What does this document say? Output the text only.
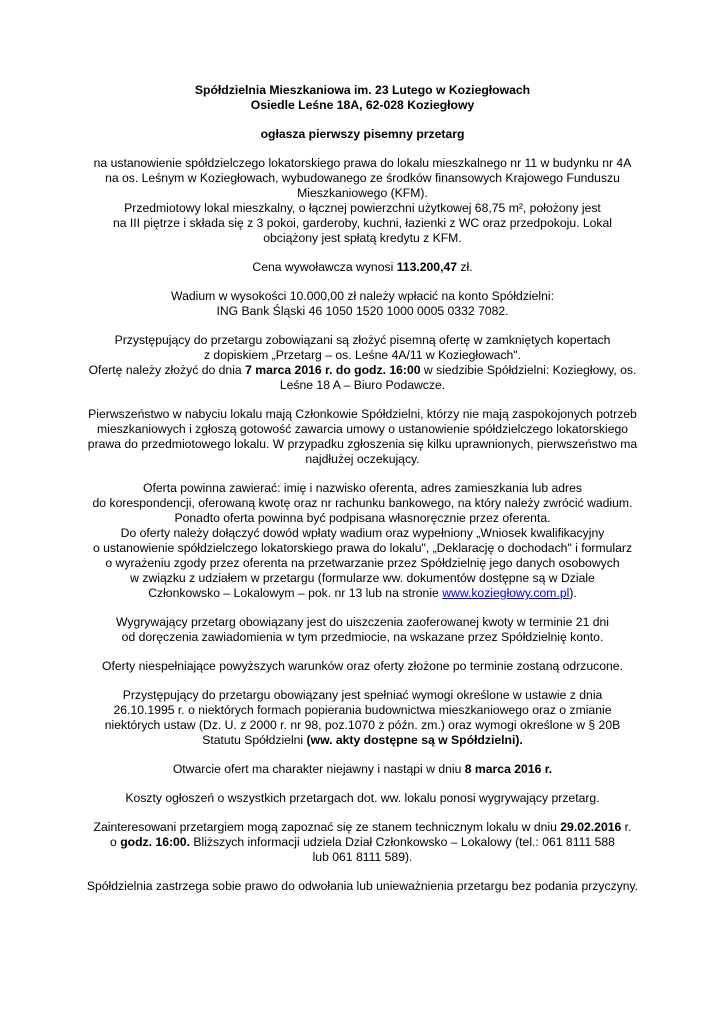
Spółdzielnia Mieszkaniowa im. 23 Lutego w Koziegłowach

Osiedle Leśne 18A, 62-028 Koziegłowy

ogłasza pierwszy pisemny przetarg

na ustanowienie spółdzielczego lokatorskiego prawa do lokalu mieszkalnego nr 11 w budynku nr 4A

na os. Leśnym w Koziegłowach, wybudowanego ze środków finansowych Krajowego Funduszu

Mieszkaniowego (KFM).

Przedmiotowy lokal mieszkalny, o łącznej powierzchni użytkowej 68,75 m², położony jest

na III piętrze i składa się z 3 pokoi, garderoby, kuchni, łazienki z WC oraz przedpokoju. Lokal

obciążony jest spłatą kredytu z KFM.

Cena wywoławcza wynosi 113.200,47 zł.

Wadium w wysokości 10.000,00 zł należy wpłacić na konto Spółdzielni:

ING Bank Śląski 46 1050 1520 1000 0005 0332 7082.

Przystępujący do przetargu zobowiązani są złożyć pisemną ofertę w zamkniętych kopertach

z dopiskiem „Przetarg – os. Leśne 4A/11 w Koziegłowach".

Ofertę należy złożyć do dnia 7 marca 2016 r. do godz. 16:00 w siedzibie Spółdzielni: Koziegłowy, os.

Leśne 18 A – Biuro Podawcze.

Pierwszeństwo w nabyciu lokalu mają Członkowie Spółdzielni, którzy nie mają zaspokojonych potrzeb

mieszkaniowych i zgłoszą gotowość zawarcia umowy o ustanowienie spółdzielczego lokatorskiego

prawa do przedmiotowego lokalu. W przypadku zgłoszenia się kilku uprawnionych, pierwszeństwo ma

najdłużej oczekujący.

Oferta powinna zawierać: imię i nazwisko oferenta, adres zamieszkania lub adres

do korespondencji, oferowaną kwotę oraz nr rachunku bankowego, na który należy zwrócić wadium.

Ponadto oferta powinna być podpisana własnoręcznie przez oferenta.

Do oferty należy dołączyć dowód wpłaty wadium oraz wypełniony „Wniosek kwalifikacyjny

o ustanowienie spółdzielczego lokatorskiego prawa do lokalu", „Deklarację o dochodach" i formularz

o wyrażeniu zgody przez oferenta na przetwarzanie przez Spółdzielnię jego danych osobowych

w związku z udziałem w przetargu (formularze ww. dokumentów dostępne są w Dziale

Członkowsko – Lokalowym – pok. nr 13 lub na stronie www.koziegłowy.com.pl).

Wygrywający przetarg obowiązany jest do uiszczenia zaoferowanej kwoty w terminie 21 dni

od doręczenia zawiadomienia w tym przedmiocie, na wskazane przez Spółdzielnię konto.

Oferty niespełniające powyższych warunków oraz oferty złożone po terminie zostaną odrzucone.

Przystępujący do przetargu obowiązany jest spełniać wymogi określone w ustawie z dnia

26.10.1995 r. o niektórych formach popierania budownictwa mieszkaniowego oraz o zmianie

niektórych ustaw (Dz. U. z 2000 r. nr 98, poz.1070 z późn. zm.) oraz wymogi określone w § 20B

Statutu Spółdzielni (ww. akty dostępne są w Spółdzielni).

Otwarcie ofert ma charakter niejawny i nastąpi w dniu 8 marca 2016 r.

Koszty ogłoszeń o wszystkich przetargach dot. ww. lokalu ponosi wygrywający przetarg.

Zainteresowani przetargiem mogą zapoznać się ze stanem technicznym lokalu w dniu 29.02.2016 r.

o godz. 16:00. Bliższych informacji udziela Dział Członkowsko – Lokalowy (tel.: 061 8111 588

lub 061 8111 589).

Spółdzielnia zastrzega sobie prawo do odwołania lub unieważnienia przetargu bez podania przyczyny.
